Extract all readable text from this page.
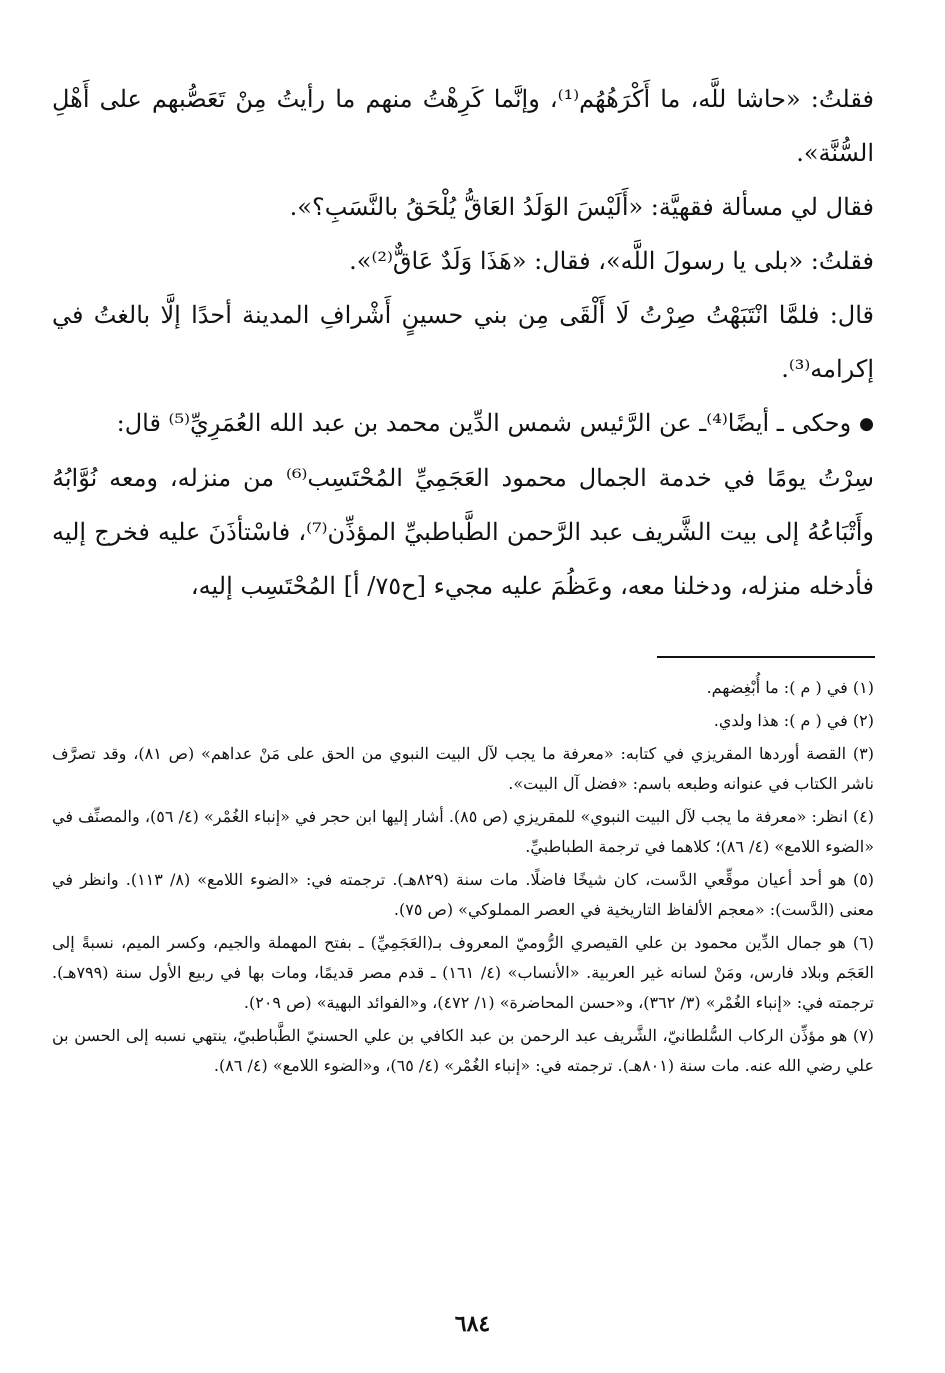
فقلتُ: «حاشا للَّه، ما أَكْرَهُهُم⁽¹⁾، وإنَّما كَرِهْتُ منهم ما رأيتُ مِنْ تَعَصُّبهم على أَهْلِ السُّنَّة».

فقال لي مسألة فقهيَّة: «أَلَيْسَ الوَلَدُ العَاقُّ يُلْحَقُ بالنَّسَبِ؟».

فقلتُ: «بلى يا رسولَ اللَّه»، فقال: «هَذَا وَلَدٌ عَاقٌّ⁽²⁾».

قال: فلمَّا انْتَبَهْتُ صِرْتُ لَا أَلْقَى مِن بني حسينٍ أَشْرافِ المدينة أحدًا إلَّا بالغتُ في إكرامه⁽³⁾.

● وحكى ـ أيضًا⁽⁴⁾ـ عن الرَّئيس شمس الدِّين محمد بن عبد الله العُمَرِيِّ⁽⁵⁾ قال:

سِرْتُ يومًا في خدمة الجمال محمود العَجَمِيِّ المُحْتَسِب⁽⁶⁾ من منزله، ومعه نُوَّابُهُ وأَتْبَاعُهُ إلى بيت الشَّريف عبد الرَّحمن الطَّباطبيِّ المؤذِّن⁽⁷⁾، فاسْتأذَنَ عليه فخرج إليه فأدخله منزله، ودخلنا معه، وعَظُمَ عليه مجيء [ح٧٥/ أ] المُحْتَسِب إليه،

(١) في ( م ): ما أُبْغِضهم.

(٢) في ( م ): هذا ولدي.

(٣) القصة أوردها المقريزي في كتابه: «معرفة ما يجب لآل البيت النبوي من الحق على مَنْ عداهم» (ص ٨١)، وقد تصرَّف ناشر الكتاب في عنوانه وطبعه باسم: «فضل آل البيت».

(٤) انظر: «معرفة ما يجب لآل البيت النبوي» للمقريزي (ص ٨٥). أشار إليها ابن حجر في «إنباء الغُمْر» (٤/ ٥٦)، والمصنِّف في «الضوء اللامع» (٤/ ٨٦)؛ كلاهما في ترجمة الطباطبيِّ.

(٥) هو أحد أعيان موقِّعي الدَّست، كان شيخًا فاضلًا. مات سنة (٨٢٩هـ). ترجمته في: «الضوء اللامع» (٨/ ١١٣). وانظر في معنى (الدَّست): «معجم الألفاظ التاريخية في العصر المملوكي» (ص ٧٥).

(٦) هو جمال الدِّين محمود بن علي القيصري الرُّوميّ المعروف بـ(العَجَمِيِّ) ـ بفتح المهملة والجيم، وكسر الميم، نسبةً إلى العَجَم وبلاد فارس، ومَنْ لسانه غير العربية. «الأنساب» (٤/ ١٦١) ـ قدم مصر قديمًا، ومات بها في ربيع الأول سنة (٧٩٩هـ). ترجمته في: «إنباء الغُمْر» (٣/ ٣٦٢)، و«حسن المحاضرة» (١/ ٤٧٢)، و«الفوائد البهية» (ص ٢٠٩).

(٧) هو مؤذِّن الركاب السُّلطانيّ، الشَّريف عبد الرحمن بن عبد الكافي بن علي الحسنيّ الطَّباطبيّ، ينتهي نسبه إلى الحسن بن علي رضي الله عنه. مات سنة (٨٠١هـ). ترجمته في: «إنباء الغُمْر» (٤/ ٦٥)، و«الضوء اللامع» (٤/ ٨٦).

٦٨٤
